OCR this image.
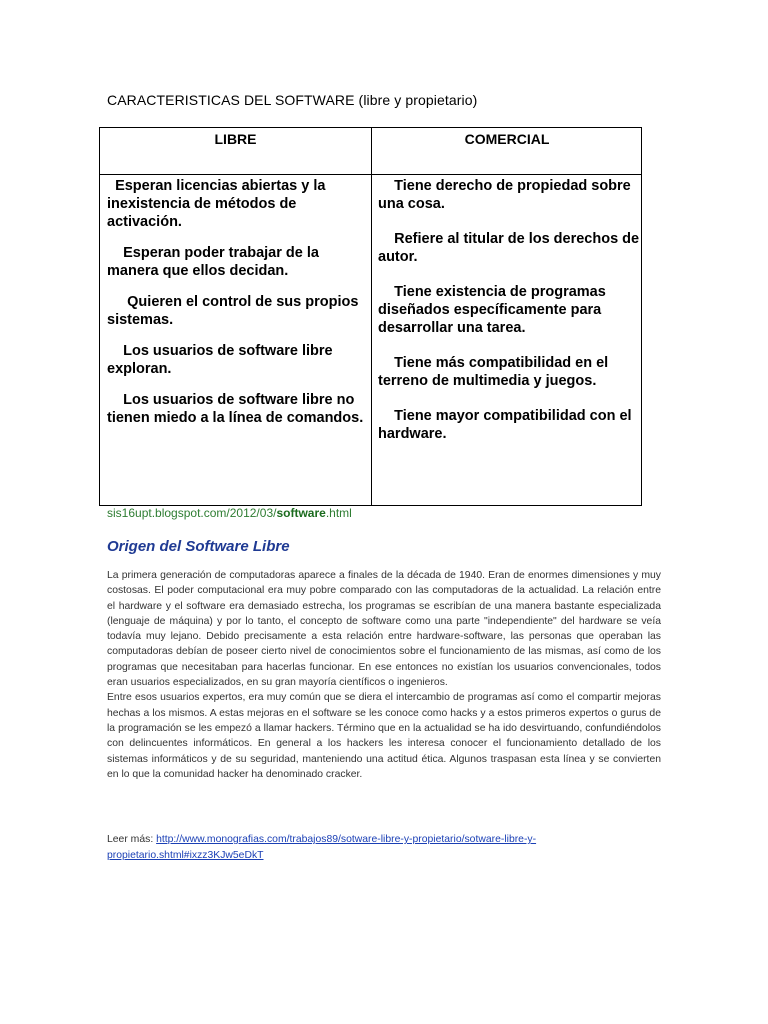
CARACTERISTICAS DEL SOFTWARE (libre y propietario)
LIBRE	COMERCIAL

Esperan licencias abiertas y la inexistencia de métodos de activación.

Esperan poder trabajar de la manera que ellos decidan.

Quieren el control de sus propios sistemas.

Los usuarios de software libre exploran.

Los usuarios de software libre no tienen miedo a la línea de comandos.

Tiene derecho de propiedad sobre una cosa.

Refiere al titular de los derechos de autor.

Tiene existencia de programas diseñados específicamente para desarrollar una tarea.

Tiene más compatibilidad en el terreno de multimedia y juegos.

Tiene mayor compatibilidad con el hardware.

sis16upt.blogspot.com/2012/03/software.html
Origen del Software Libre

La primera generación de computadoras aparece a finales de la década de 1940. Eran de enormes dimensiones y muy costosas. El poder computacional era muy pobre comparado con las computadoras de la actualidad. La relación entre el hardware y el software era demasiado estrecha, los programas se escribían de una manera bastante especializada (lenguaje de máquina) y por lo tanto, el concepto de software como una parte "independiente" del hardware se veía todavía muy lejano. Debido precisamente a esta relación entre hardware-software, las personas que operaban las computadoras debían de poseer cierto nivel de conocimientos sobre el funcionamiento de las mismas, así como de los programas que necesitaban para hacerlas funcionar. En ese entonces no existían los usuarios convencionales, todos eran usuarios especializados, en su gran mayoría científicos o ingenieros.

Entre esos usuarios expertos, era muy común que se diera el intercambio de programas así como el compartir mejoras hechas a los mismos. A estas mejoras en el software se les conoce como hacks y a estos primeros expertos o gurus de la programación se les empezó a llamar hackers. Término que en la actualidad se ha ido desvirtuando, confundiéndolos con delincuentes informáticos. En general a los hackers les interesa conocer el funcionamiento detallado de los sistemas informáticos y de su seguridad, manteniendo una actitud ética. Algunos traspasan esta línea y se convierten en lo que la comunidad hacker ha denominado cracker.

Leer más: http://www.monografias.com/trabajos89/sotware-libre-y-propietario/sotware-libre-y-propietario.shtml#ixzz3KJw5eDkT
